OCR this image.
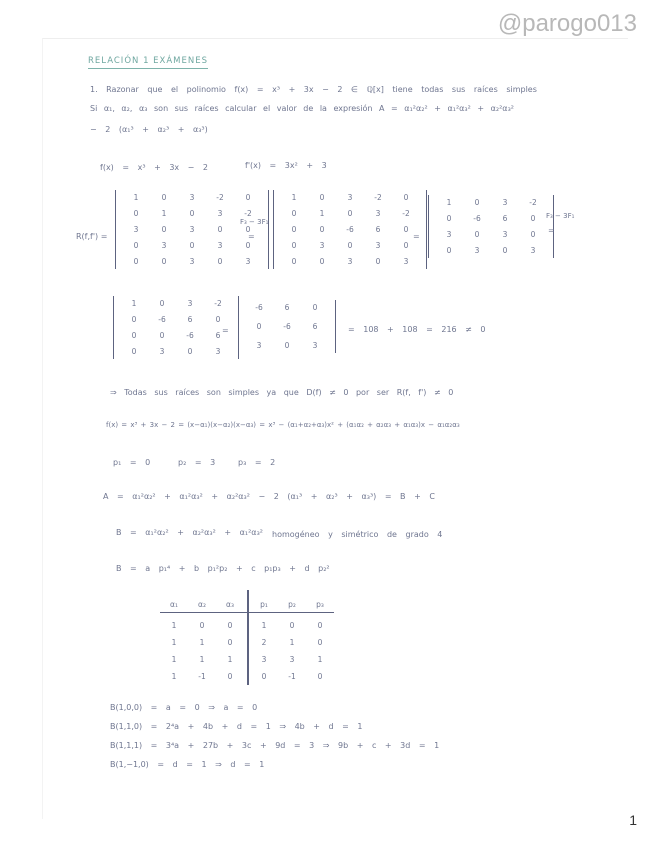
@parogo013
RELACIÓN 1 EXÁMENES
1. Razonar que el polinomio f(x) = x³ + 3x − 2 ∈ ℚ[x] tiene todas sus raíces simples
Si α₁, α₂, α₃ son sus raíces calcular el valor de la expresión A = α₁²α₂² + α₁²α₃² + α₂²α₃²
− 2 (α₁³ + α₂³ + α₃³)
f(x) = x³ + 3x − 2	f'(x) = 3x² + 3
R(f,f') =
1	0	3	-2	0
0	1	0	3	-2
3	0	3	0	0
0	3	0	3	0
0	0	3	0	3
F₃ − 3F₁
=
1	0	3	-2	0
0	1	0	3	-2
0	0	-6	6	0
0	3	0	3	0
0	0	3	0	3
=
1	0	3	-2
0	-6	6	0
3	0	3	0
0	3	0	3
F₃ − 3F₁
=
1	0	3	-2
0	-6	6	0
0	0	-6	6
0	3	0	3
=
-6	6	0
0	-6	6
3	0	3
= 108 + 108 = 216 ≠ 0
⇒ Todas sus raíces son simples ya que D(f) ≠ 0 por ser R(f, f') ≠ 0
f(x) = x³ + 3x − 2 = (x−α₁)(x−α₂)(x−α₃) = x³ − (α₁+α₂+α₃)x² + (α₁α₂ + α₂α₃ + α₁α₃)x − α₁α₂α₃
p₁ = 0	p₂ = 3	p₃ = 2
A = α₁²α₂² + α₁²α₃² + α₂²α₃² − 2 (α₁³ + α₂³ + α₃³) = B + C
B = α₁²α₂² + α₂²α₃² + α₁²α₃² homogéneo y simétrico de grado 4
B = a p₁⁴ + b p₁²p₂ + c p₁p₃ + d p₂²
α₁	α₂	α₃	p₁	p₂	p₃
1	0	0	1	0	0
1	1	0	2	1	0
1	1	1	3	3	1
1	-1	0	0	-1	0
B(1,0,0) = a = 0 ⇒ a = 0
B(1,1,0) = 2⁴a + 4b + d = 1 ⇒ 4b + d = 1
B(1,1,1) = 3⁴a + 27b + 3c + 9d = 3 ⇒ 9b + c + 3d = 1
B(1,−1,0) = d = 1 ⇒ d = 1
1
